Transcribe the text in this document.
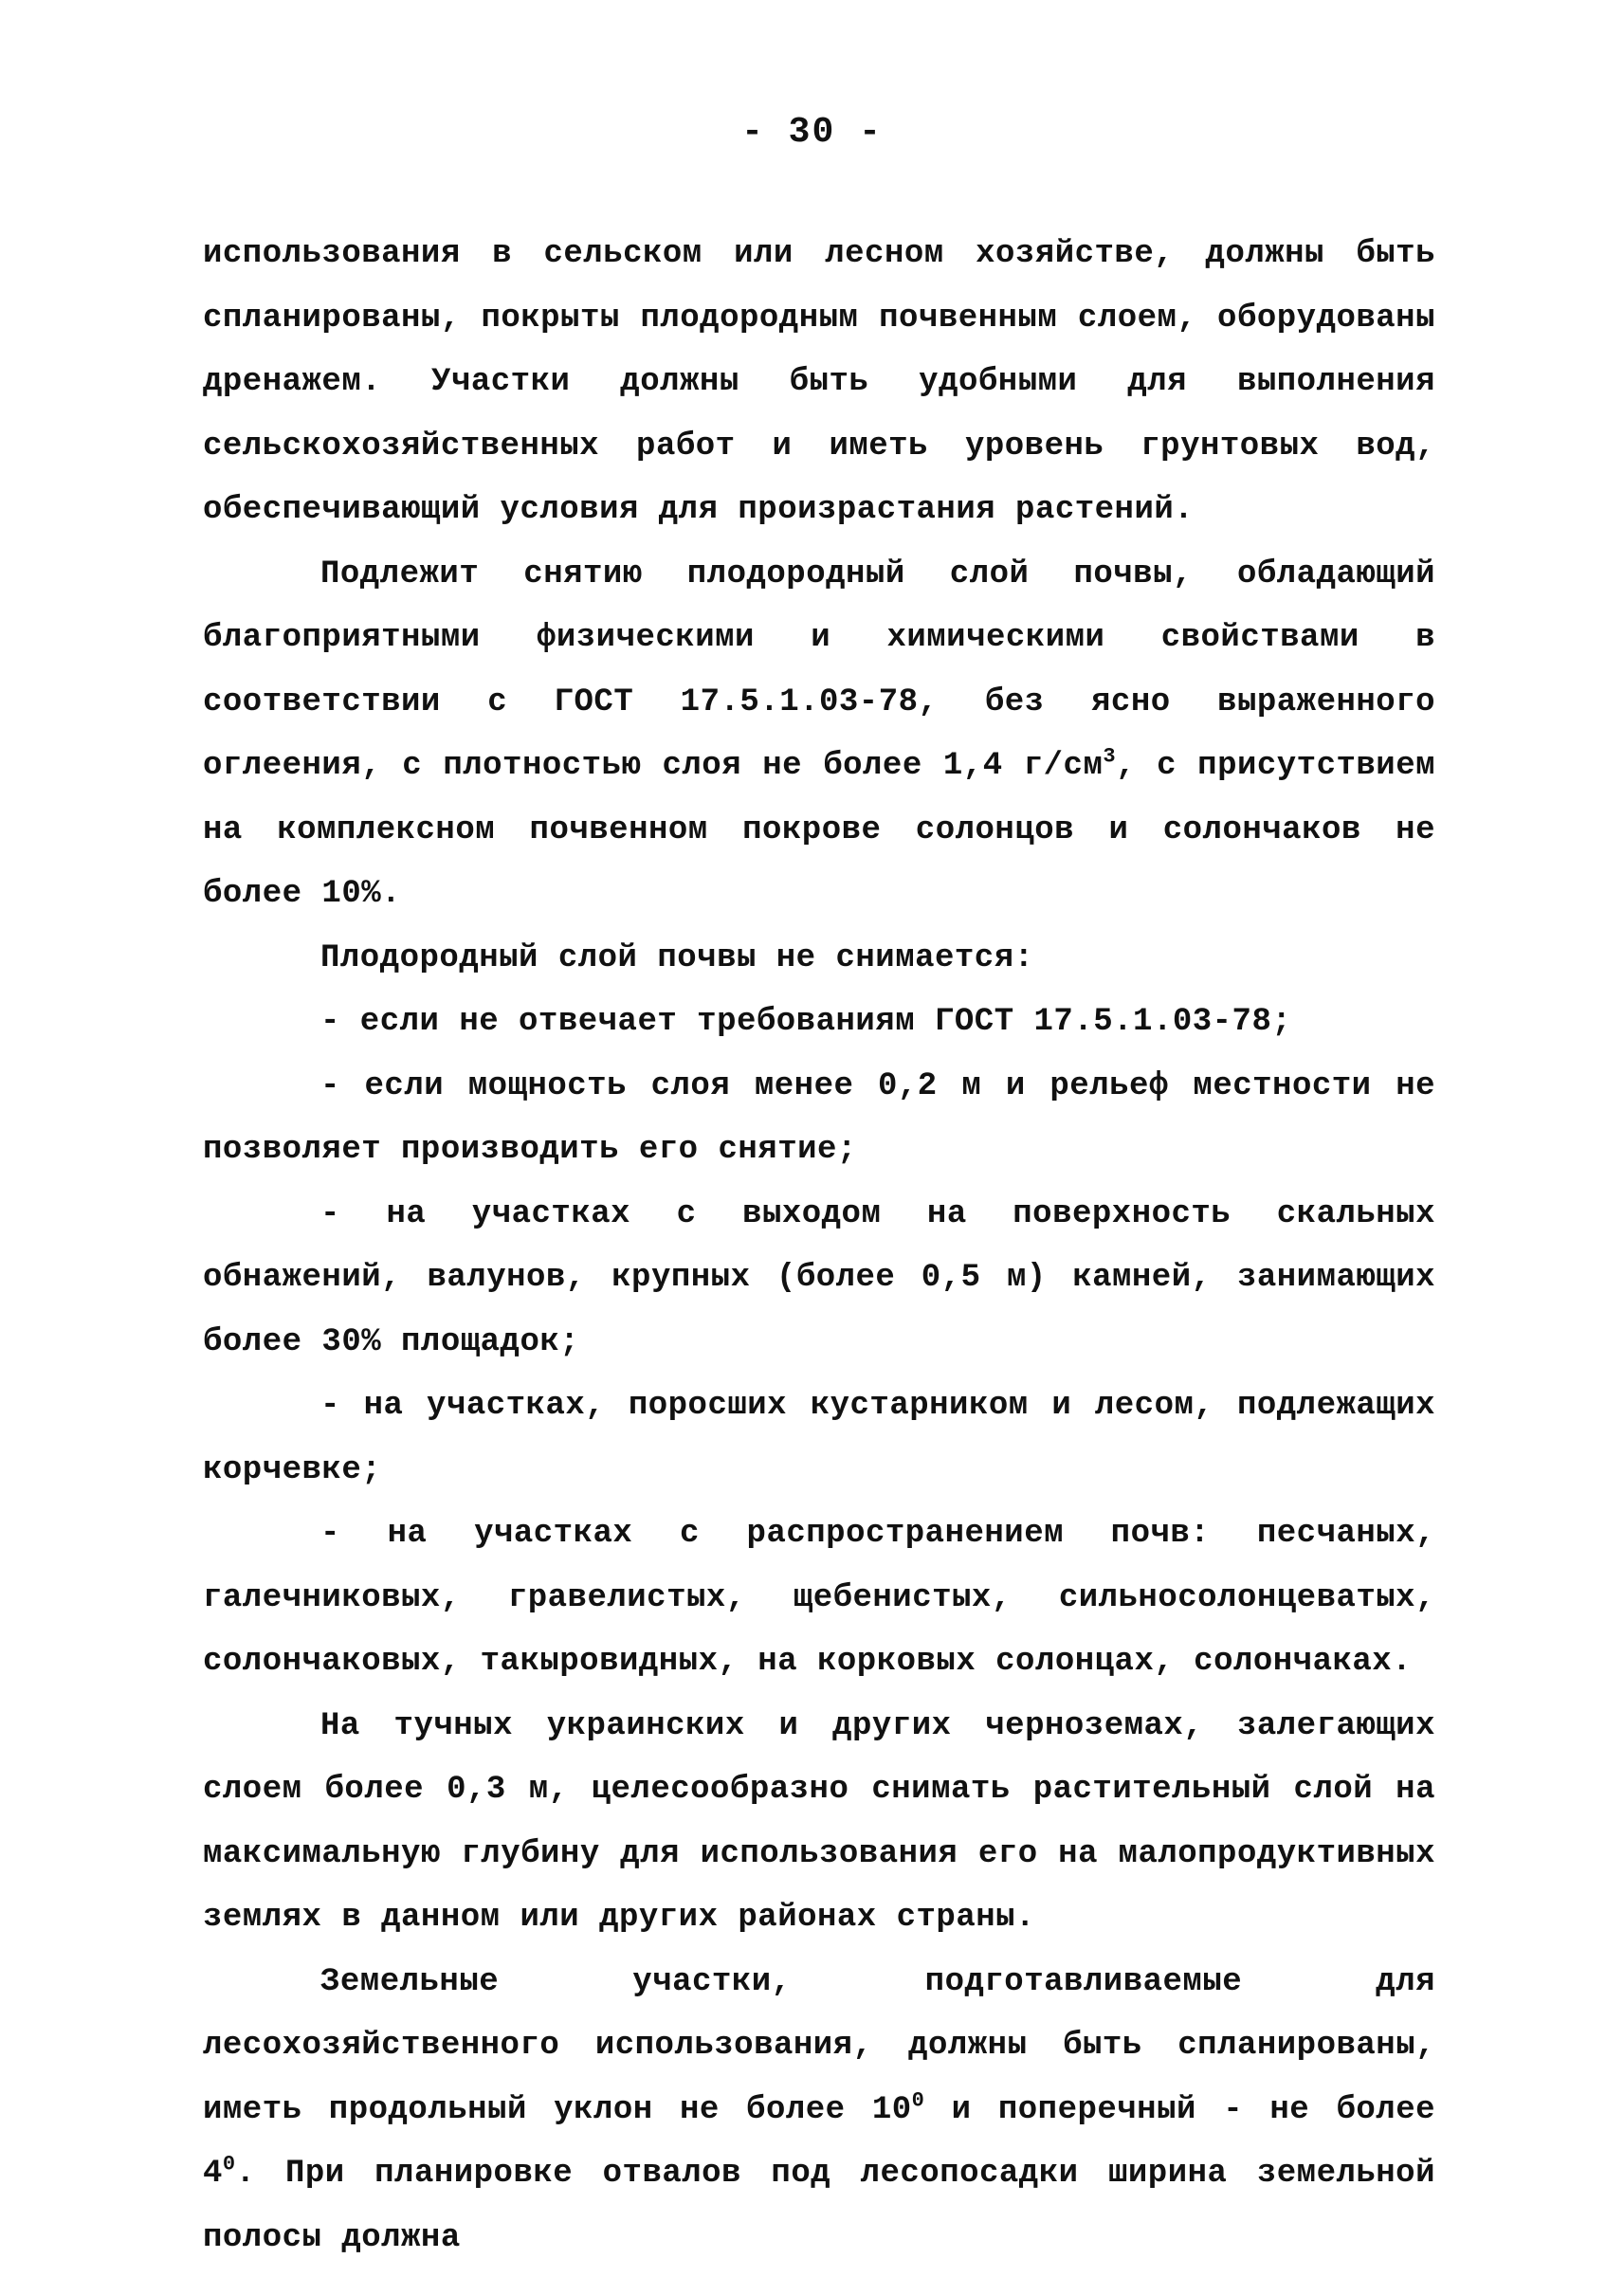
- 30 -

использования в сельском или лесном хозяйстве, должны быть спланированы, покрыты плодородным почвенным слоем, оборудованы дренажем. Участки должны быть удобными для выполнения сельскохозяйственных работ и иметь уровень грунтовых вод, обеспечивающий условия для произрастания растений.

Подлежит снятию плодородный слой почвы, обладающий благоприятными физическими и химическими свойствами в соответствии с ГОСТ 17.5.1.03-78, без ясно выраженного оглеения, с плотностью слоя не более 1,4 $г/см^3$, с присутствием на комплексном почвенном покрове солонцов и солончаков не более 10%.

Плодородный слой почвы не снимается:

- если не отвечает требованиям ГОСТ 17.5.1.03-78;

- если мощность слоя менее 0,2 м и рельеф местности не позволяет производить его снятие;

- на участках с выходом на поверхность скальных обнажений, валунов, крупных (более 0,5 м) камней, занимающих более 30% площадок;

- на участках, поросших кустарником и лесом, подлежащих корчевке;

- на участках с распространением почв: песчаных, галечниковых, гравелистых, щебенистых, сильносолонцеватых, солончаковых, такыровидных, на корковых солонцах, солончаках.

На тучных украинских и других черноземах, залегающих слоем более 0,3 м, целесообразно снимать растительный слой на максимальную глубину для использования его на малопродуктивных землях в данном или других районах страны.

Земельные участки, подготавливаемые для лесохозяйственного использования, должны быть спланированы, иметь продольный уклон не более $10^0$ и поперечный - не более $4^0$. При планировке отвалов под лесопосадки ширина земельной полосы должна
